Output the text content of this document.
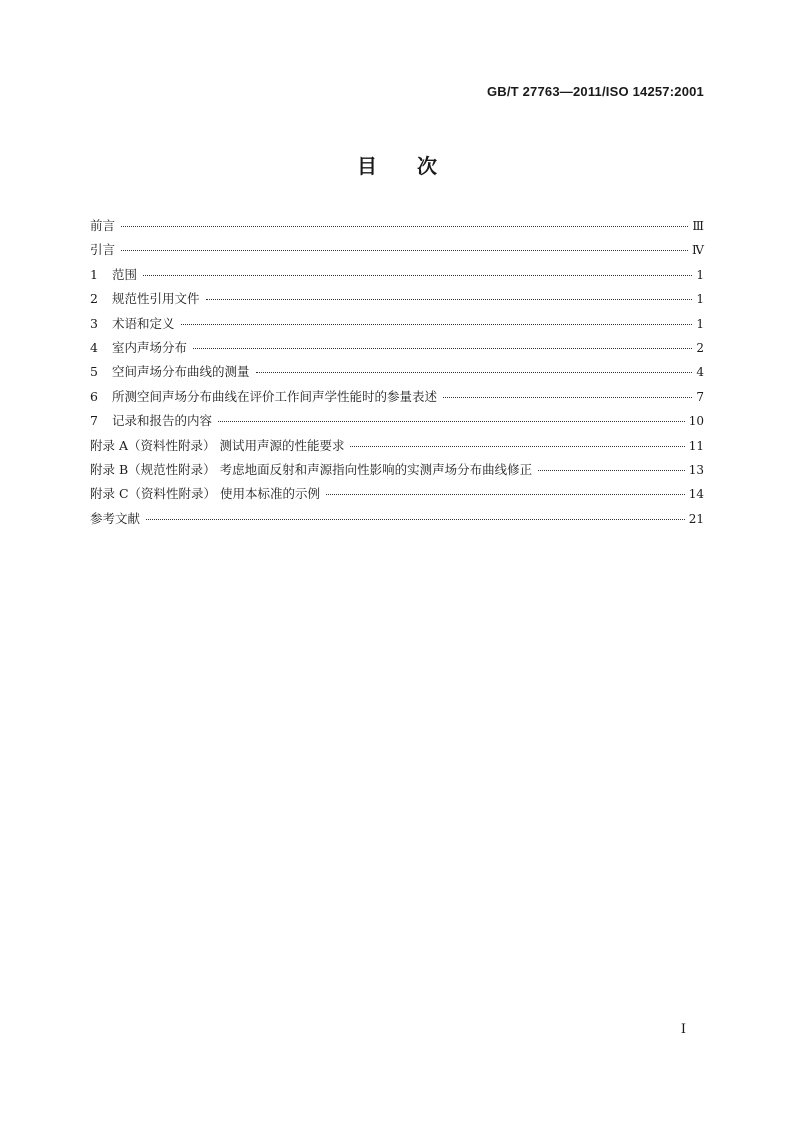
GB/T 27763—2011/ISO 14257:2001
目次
前言	Ⅲ
引言	Ⅳ
1	范围	1
2	规范性引用文件	1
3	术语和定义	1
4	室内声场分布	2
5	空间声场分布曲线的测量	4
6	所测空间声场分布曲线在评价工作间声学性能时的参量表述	7
7	记录和报告的内容	10
附录 A（资料性附录） 测试用声源的性能要求	11
附录 B（规范性附录） 考虑地面反射和声源指向性影响的实测声场分布曲线修正	13
附录 C（资料性附录） 使用本标准的示例	14
参考文献	21
I
